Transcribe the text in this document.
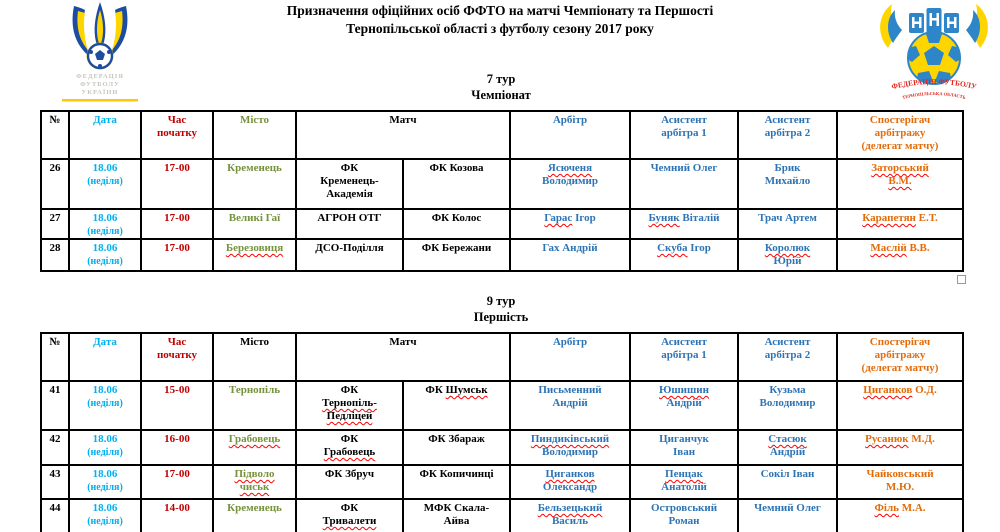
ФЕДЕРАЦІЯ
ФУТБОЛУ
УКРАЇНИ
ФЕДЕРАЦІЯ ФУТБОЛУ
ТЕРНОПІЛЬСЬКА ОБЛАСТЬ
Призначення офіційних осіб ФФТО на матчі Чемпіонату та Першості
Тернопільської області з футболу сезону 2017 року
7 тур
Чемпіонат
№	Дата	Час
початку	Місто	Матч		Арбітр	Асистент
арбітра 1	Асистент
арбітра 2	Спостерігач
арбітражу
(делегат матчу)
26	18.06
(неділя)	17-00	Кременець	ФК
Кременець-
Академія	ФК Козова	Ясюченя
Володимир	Чемний Олег	Брик
Михайло	Заторський
В.М.
27	18.06
(неділя)	17-00	Великі Гаї	АГРОН ОТГ	ФК Колос	Гарас Ігор	Буняк Віталій	Трач Артем	Карапетян Е.Т.
28	18.06
(неділя)	17-00	Березовиця	ДСО-Поділля	ФК Бережани	Гах Андрій	Скуба Ігор	Королюк
Юрій	Маслій В.В.
9 тур
Першість
№	Дата	Час
початку	Місто	Матч		Арбітр	Асистент
арбітра 1	Асистент
арбітра 2	Спостерігач
арбітражу
(делегат матчу)
41	18.06
(неділя)	15-00	Тернопіль	ФК
Тернопіль-
Педліцей	ФК Шумськ	Письменний
Андрій	Юшишин
Андрій	Кузьма
Володимир	Циганков О.Д.
42	18.06
(неділя)	16-00	Грабовець	ФК
Грабовець	ФК Збараж	Пиндиківський
Володимир	Циганчук
Іван	Стасюк
Андрій	Русанюк М.Д.
43	18.06
(неділя)	17-00	Підволо
чиськ	ФК Збруч	ФК Копичинці	Циганков
Олександр	Пенцак
Анатолій	Сокіл Іван	Чайковський
М.Ю.
44	18.06
(неділя)	14-00	Кременець	ФК
Тривалети	МФК Скала-
Айва	Бельзецький
Василь	Островський
Роман	Чемний Олег	Філь М.А.
